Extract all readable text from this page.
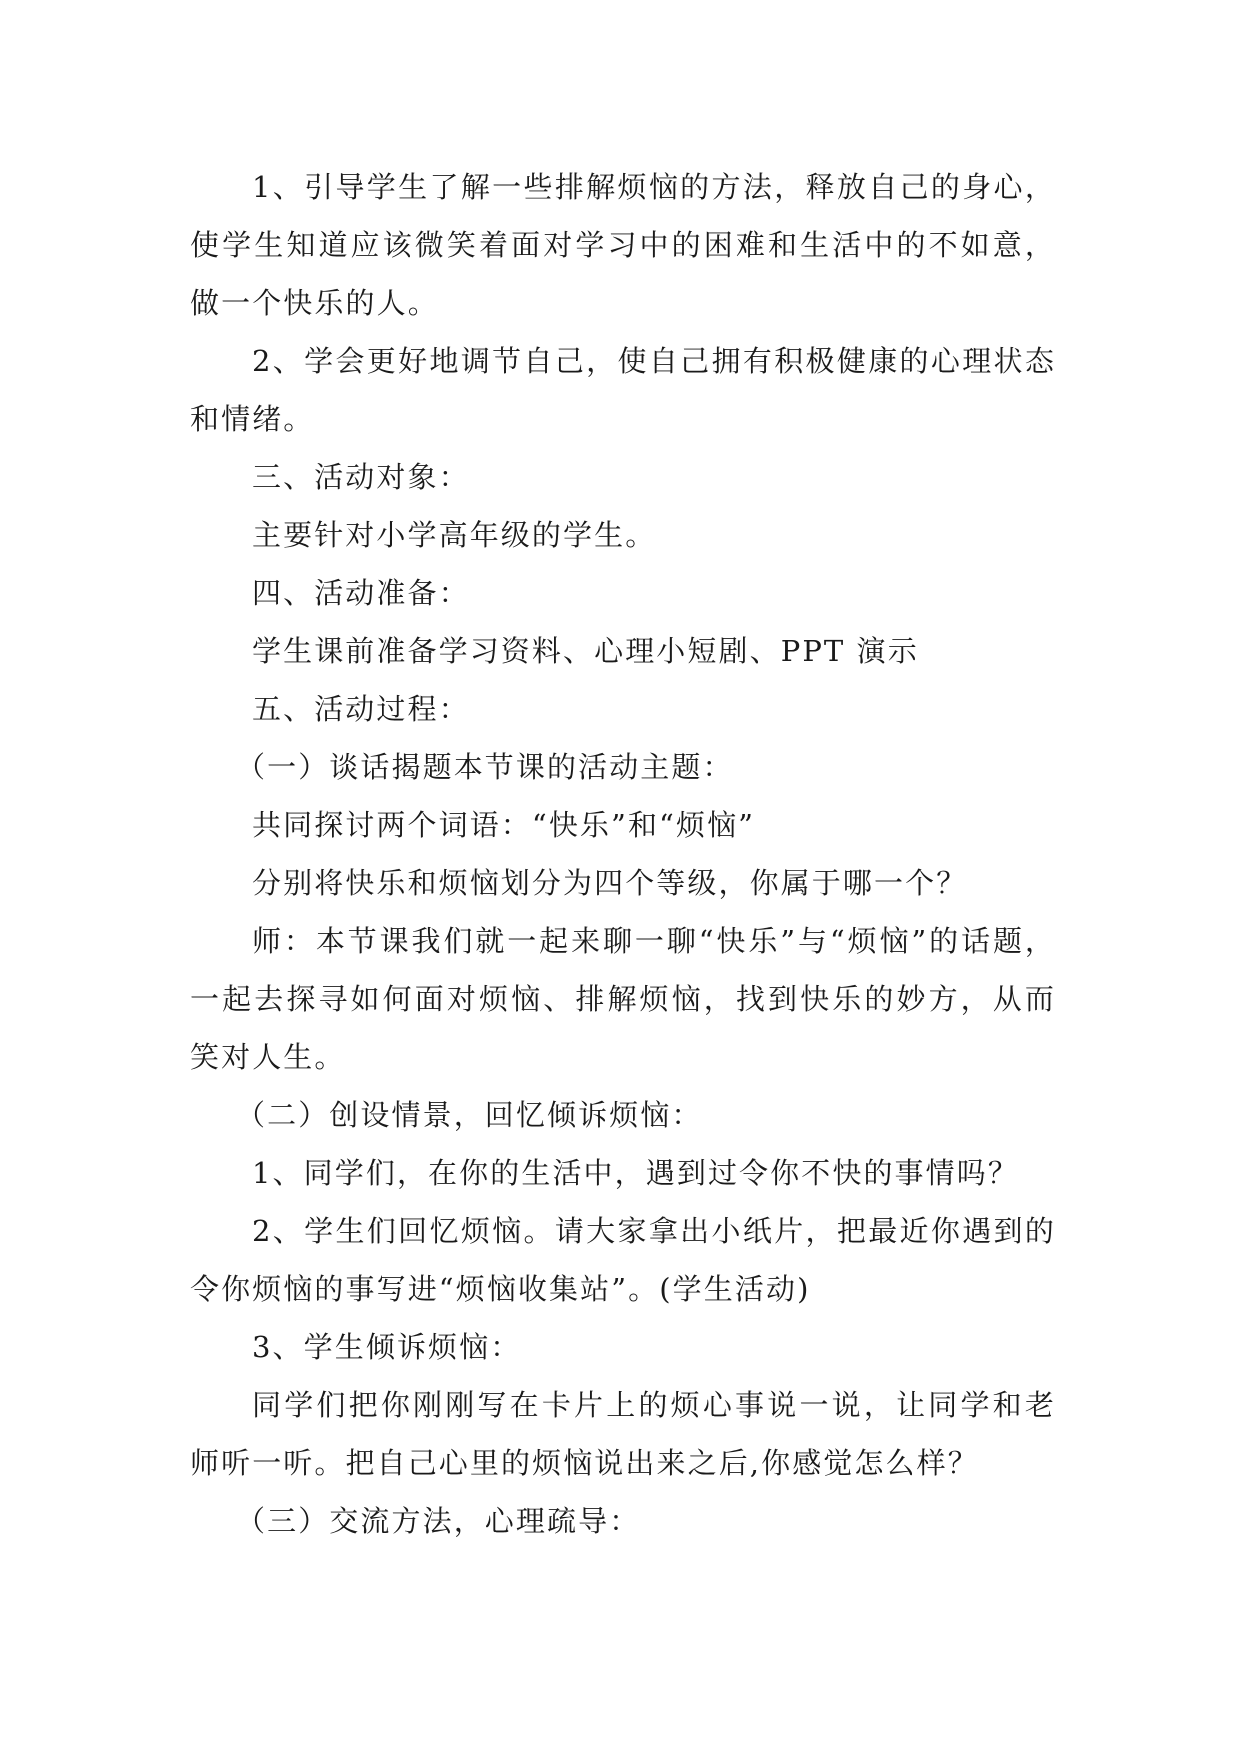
1、引导学生了解一些排解烦恼的方法，释放自己的身心，使学生知道应该微笑着面对学习中的困难和生活中的不如意，做一个快乐的人。

2、学会更好地调节自己，使自己拥有积极健康的心理状态和情绪。

三、活动对象：

主要针对小学高年级的学生。

四、活动准备：

学生课前准备学习资料、心理小短剧、PPT 演示

五、活动过程：

（一）谈话揭题本节课的活动主题：

共同探讨两个词语：“快乐”和“烦恼”

分别将快乐和烦恼划分为四个等级，你属于哪一个？

师：本节课我们就一起来聊一聊“快乐”与“烦恼”的话题，一起去探寻如何面对烦恼、排解烦恼，找到快乐的妙方，从而笑对人生。

（二）创设情景，回忆倾诉烦恼：

1、同学们，在你的生活中，遇到过令你不快的事情吗？

2、学生们回忆烦恼。请大家拿出小纸片，把最近你遇到的令你烦恼的事写进“烦恼收集站”。(学生活动)

3、学生倾诉烦恼：

同学们把你刚刚写在卡片上的烦心事说一说，让同学和老师听一听。把自己心里的烦恼说出来之后,你感觉怎么样？

（三）交流方法，心理疏导：
